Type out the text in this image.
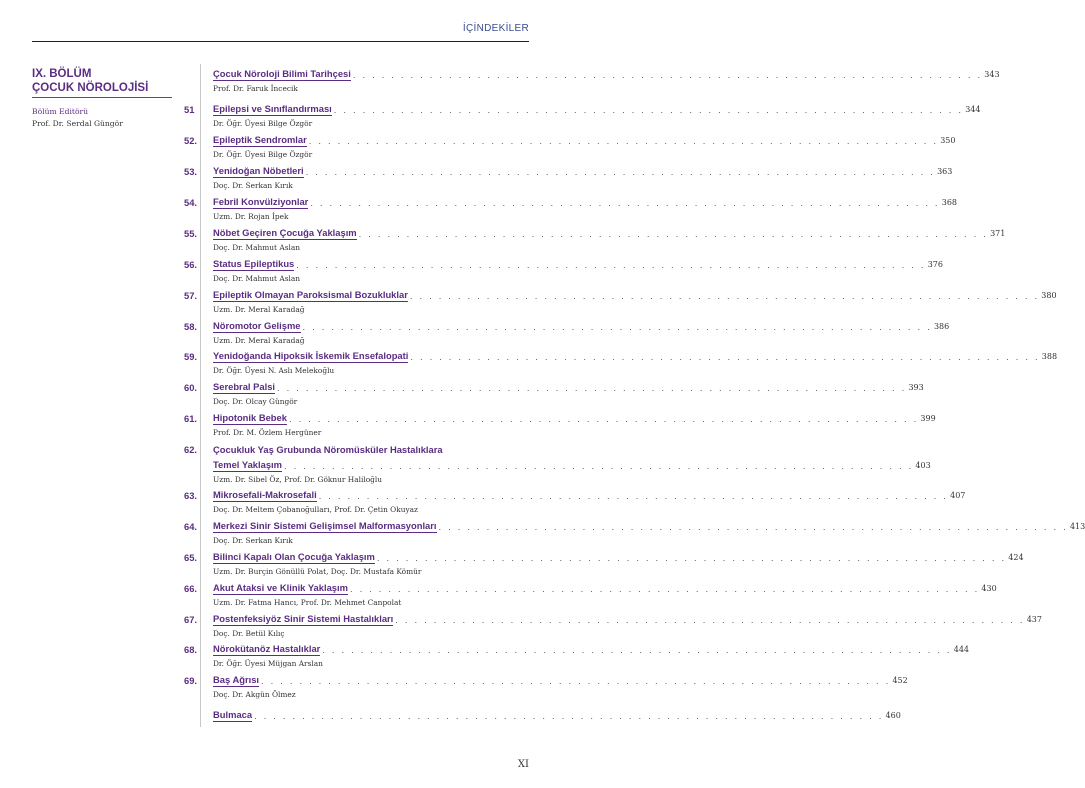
İÇİNDEKİLER
IX. BÖLÜM
ÇOCUK NÖROLOJİSİ
Bölüm Editörü
Prof. Dr. Serdal Güngör
Çocuk Nöroloji Bilimi Tarihçesi . . . . . . . . . . . . . . . . . . . . . . . . . . . . . . . . . . . . . . . . . . . . . . . . . . . . . . . . . . . . . . . . . . 343
Prof. Dr. Faruk İncecik
51	Epilepsi ve Sınıflandırması . . . . . . . . . . . . . . . . . . . . . . . . . . . . . . . . . . . . . . . . . . . . . . . . . . . . . . . . . . . . . . . . . . 344
Dr. Öğr. Üyesi Bilge Özgör
52.	Epileptik Sendromlar . . . . . . . . . . . . . . . . . . . . . . . . . . . . . . . . . . . . . . . . . . . . . . . . . . . . . . . . . . . . . . . . . . 350
Dr. Öğr. Üyesi Bilge Özgör
53.	Yenidoğan Nöbetleri . . . . . . . . . . . . . . . . . . . . . . . . . . . . . . . . . . . . . . . . . . . . . . . . . . . . . . . . . . . . . . . . . . 363
Doç. Dr. Serkan Kırık
54.	Febril Konvülziyonlar . . . . . . . . . . . . . . . . . . . . . . . . . . . . . . . . . . . . . . . . . . . . . . . . . . . . . . . . . . . . . . . . . . 368
Uzm. Dr. Rojan İpek
55.	Nöbet Geçiren Çocuğa Yaklaşım . . . . . . . . . . . . . . . . . . . . . . . . . . . . . . . . . . . . . . . . . . . . . . . . . . . . . . . . . . . . . . . . . . 371
Doç. Dr. Mahmut Aslan
56.	Status Epileptikus . . . . . . . . . . . . . . . . . . . . . . . . . . . . . . . . . . . . . . . . . . . . . . . . . . . . . . . . . . . . . . . . . . 376
Doç. Dr. Mahmut Aslan
57.	Epileptik Olmayan Paroksismal Bozukluklar . . . . . . . . . . . . . . . . . . . . . . . . . . . . . . . . . . . . . . . . . . . . . . . . . . . . . . . . . . . . . . . . . . 380
Uzm. Dr. Meral Karadağ
58.	Nöromotor Gelişme . . . . . . . . . . . . . . . . . . . . . . . . . . . . . . . . . . . . . . . . . . . . . . . . . . . . . . . . . . . . . . . . . . 386
Uzm. Dr. Meral Karadağ
59.	Yenidoğanda Hipoksik İskemik Ensefalopati . . . . . . . . . . . . . . . . . . . . . . . . . . . . . . . . . . . . . . . . . . . . . . . . . . . . . . . . . . . . . . . . . . 388
Dr. Öğr. Üyesi N. Aslı Melekoğlu
60.	Serebral Palsi . . . . . . . . . . . . . . . . . . . . . . . . . . . . . . . . . . . . . . . . . . . . . . . . . . . . . . . . . . . . . . . . . . 393
Doç. Dr. Olcay Güngör
61.	Hipotonik Bebek . . . . . . . . . . . . . . . . . . . . . . . . . . . . . . . . . . . . . . . . . . . . . . . . . . . . . . . . . . . . . . . . . . 399
Prof. Dr. M. Özlem Hergüner
62.	Çocukluk Yaş Grubunda Nöromüsküler Hastalıklara
Temel Yaklaşım . . . . . . . . . . . . . . . . . . . . . . . . . . . . . . . . . . . . . . . . . . . . . . . . . . . . . . . . . . . . . . . . . . 403
Uzm. Dr. Sibel Öz, Prof. Dr. Göknur Haliloğlu
63.	Mikrosefali-Makrosefali . . . . . . . . . . . . . . . . . . . . . . . . . . . . . . . . . . . . . . . . . . . . . . . . . . . . . . . . . . . . . . . . . . 407
Doç. Dr. Meltem Çobanoğulları, Prof. Dr. Çetin Okuyaz
64.	Merkezi Sinir Sistemi Gelişimsel Malformasyonları . . . . . . . . . . . . . . . . . . . . . . . . . . . . . . . . . . . . . . . . . . . . . . . . . . . . . . . . . . . . . . . . . . 413
Doç. Dr. Serkan Kırık
65.	Bilinci Kapalı Olan Çocuğa Yaklaşım . . . . . . . . . . . . . . . . . . . . . . . . . . . . . . . . . . . . . . . . . . . . . . . . . . . . . . . . . . . . . . . . . . 424
Uzm. Dr. Burçin Gönüllü Polat, Doç. Dr. Mustafa Kömür
66.	Akut Ataksi ve Klinik Yaklaşım . . . . . . . . . . . . . . . . . . . . . . . . . . . . . . . . . . . . . . . . . . . . . . . . . . . . . . . . . . . . . . . . . . 430
Uzm. Dr. Fatma Hancı, Prof. Dr. Mehmet Canpolat
67.	Postenfeksiyöz Sinir Sistemi Hastalıkları . . . . . . . . . . . . . . . . . . . . . . . . . . . . . . . . . . . . . . . . . . . . . . . . . . . . . . . . . . . . . . . . . . 437
Doç. Dr. Betül Kılıç
68.	Nörokütanöz Hastalıklar . . . . . . . . . . . . . . . . . . . . . . . . . . . . . . . . . . . . . . . . . . . . . . . . . . . . . . . . . . . . . . . . . . 444
Dr. Öğr. Üyesi Müjgan Arslan
69.	Baş Ağrısı . . . . . . . . . . . . . . . . . . . . . . . . . . . . . . . . . . . . . . . . . . . . . . . . . . . . . . . . . . . . . . . . . . 452
Doç. Dr. Akgün Ölmez
Bulmaca . . . . . . . . . . . . . . . . . . . . . . . . . . . . . . . . . . . . . . . . . . . . . . . . . . . . . . . . . . . . . . . . . . 460
XI
